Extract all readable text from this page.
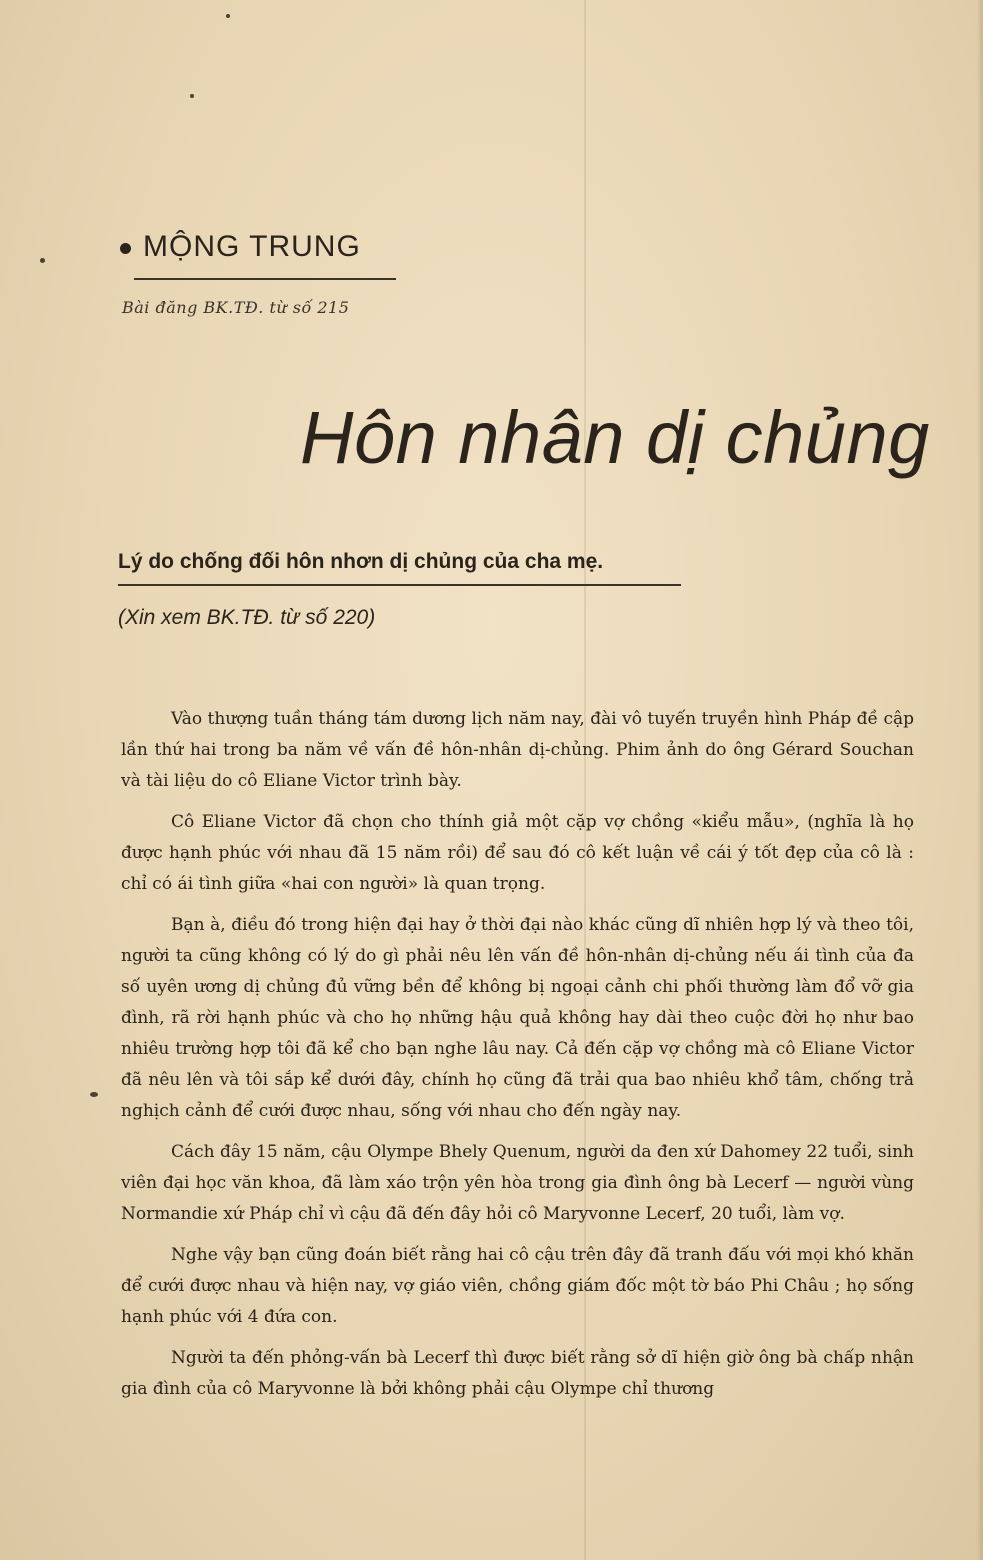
MỘNG TRUNG
Bài đăng BK.TĐ. từ số 215
Hôn nhân dị chủng
Lý do chống đối hôn nhơn dị chủng của cha mẹ.
(Xin xem BK.TĐ. từ số 220)

Vào thượng tuần tháng tám dương lịch năm nay, đài vô tuyến truyền hình Pháp đề cập lần thứ hai trong ba năm về vấn đề hôn-nhân dị-chủng. Phim ảnh do ông Gérard Souchan và tài liệu do cô Eliane Victor trình bày.

Cô Eliane Victor đã chọn cho thính giả một cặp vợ chồng «kiểu mẫu», (nghĩa là họ được hạnh phúc với nhau đã 15 năm rồi) để sau đó cô kết luận về cái ý tốt đẹp của cô là : chỉ có ái tình giữa «hai con người» là quan trọng.

Bạn à, điều đó trong hiện đại hay ở thời đại nào khác cũng dĩ nhiên hợp lý và theo tôi, người ta cũng không có lý do gì phải nêu lên vấn đề hôn-nhân dị-chủng nếu ái tình của đa số uyên ương dị chủng đủ vững bền để không bị ngoại cảnh chi phối thường làm đổ vỡ gia đình, rã rời hạnh phúc và cho họ những hậu quả không hay dài theo cuộc đời họ như bao nhiêu trường hợp tôi đã kể cho bạn nghe lâu nay. Cả đến cặp vợ chồng mà cô Eliane Victor đã nêu lên và tôi sắp kể dưới đây, chính họ cũng đã trải qua bao nhiêu khổ tâm, chống trả nghịch cảnh để cưới được nhau, sống với nhau cho đến ngày nay.

Cách đây 15 năm, cậu Olympe Bhely Quenum, người da đen xứ Dahomey 22 tuổi, sinh viên đại học văn khoa, đã làm xáo trộn yên hòa trong gia đình ông bà Lecerf — người vùng Normandie xứ Pháp chỉ vì cậu đã đến đây hỏi cô Maryvonne Lecerf, 20 tuổi, làm vợ.

Nghe vậy bạn cũng đoán biết rằng hai cô cậu trên đây đã tranh đấu với mọi khó khăn để cưới được nhau và hiện nay, vợ giáo viên, chồng giám đốc một tờ báo Phi Châu ; họ sống hạnh phúc với 4 đứa con.

Người ta đến phỏng-vấn bà Lecerf thì được biết rằng sở dĩ hiện giờ ông bà chấp nhận gia đình của cô Maryvonne là bởi không phải cậu Olympe chỉ thương
